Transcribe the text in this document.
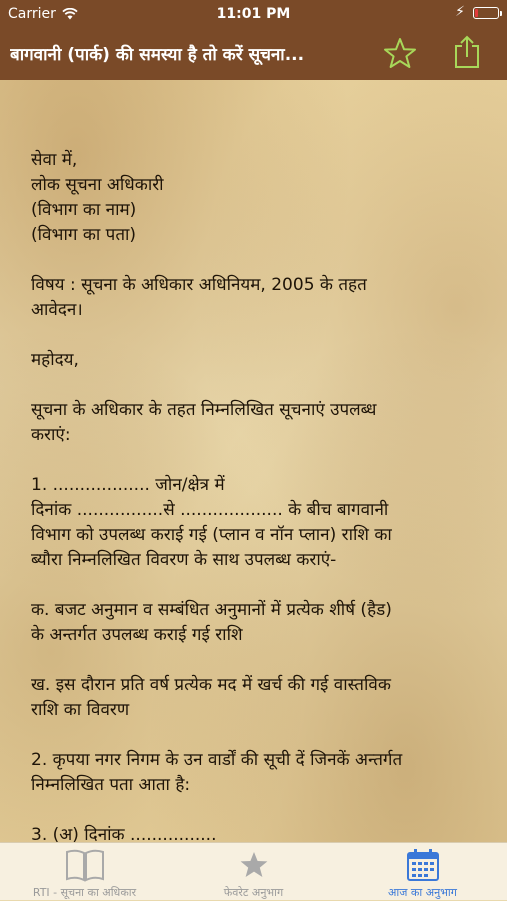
Carrier	11:01 PM	⚡
बागवानी (पार्क) की समस्या है तो करें सूचना...

सेवा में,

लोक सूचना अधिकारी

(विभाग का नाम)

(विभाग का पता)

विषय : सूचना के अधिकार अधिनियम, 2005 के तहत

आवेदन।

महोदय,

सूचना के अधिकार के तहत निम्नलिखित सूचनाएं उपलब्ध

कराएं:

1. .................. जोन/क्षेत्र में

दिनांक ................से ................... के बीच बागवानी

विभाग को उपलब्ध कराई गई (प्लान व नॉन प्लान) राशि का

ब्यौरा निम्नलिखित विवरण के साथ उपलब्ध कराएं-

क. बजट अनुमान व सम्बंधित अनुमानों में प्रत्येक शीर्ष (हैड)

के अन्तर्गत उपलब्ध कराई गई राशि

ख. इस दौरान प्रति वर्ष प्रत्येक मद में खर्च की गई वास्तविक

राशि का विवरण

2. कृपया नगर निगम के उन वार्डों की सूची दें जिनकें अन्तर्गत

निम्नलिखित पता आता है:

3. (अ) दिनांक ................

RTI - सूचना का अधिकार	फेवरेट अनुभाग	आज का अनुभाग
